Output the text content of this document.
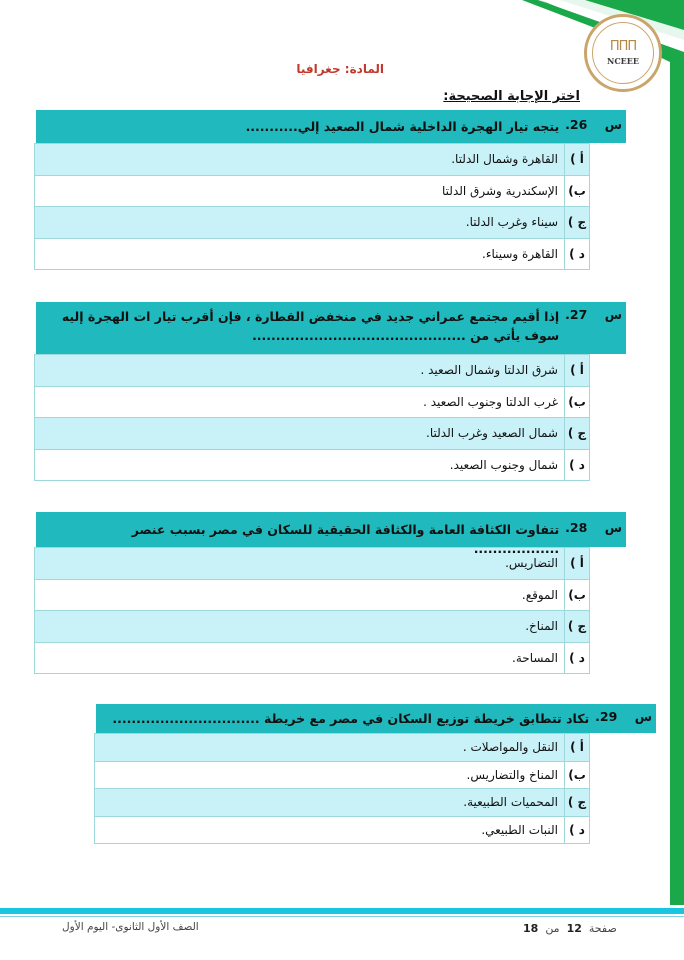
ΠΠΠ
NCEEE
المادة: جغرافيا
اختر الإجابة الصحيحة:
س    26.
يتجه تيار الهجرة الداخلية شمال الصعيد إلي...........
أ )
القاهرة وشمال الدلتا.
ب)
الإسكندرية وشرق الدلتا
ج )
سيناء وغرب الدلتا.
د )
القاهرة وسيناء.
س    27.
إذا أقيم مجتمع عمراني جديد في منخفض القطارة ، فإن أقرب تيار ات الهجرة إليه سوف يأتي من .............................................
أ )
شرق الدلتا وشمال الصعيد .
ب)
غرب الدلتا وجنوب الصعيد .
ج )
شمال الصعيد وغرب الدلتا.
د )
شمال وجنوب الصعيد.
س    28.
تتفاوت الكثافة العامة والكثافة الحقيقية للسكان في مصر بسبب عنصر ..................
أ )
التضاريس.
ب)
الموقع.
ج )
المناخ.
د )
المساحة.
س    29.
تكاد تتطابق خريطة توزيع السكان في مصر مع خريطة ...............................
أ )
النقل والمواصلات .
ب)
المناخ والتضاريس.
ج )
المحميات الطبيعية.
د )
النبات الطبيعي.
صفحة  12  من  18
الصف الأول الثانوى- اليوم الأول
